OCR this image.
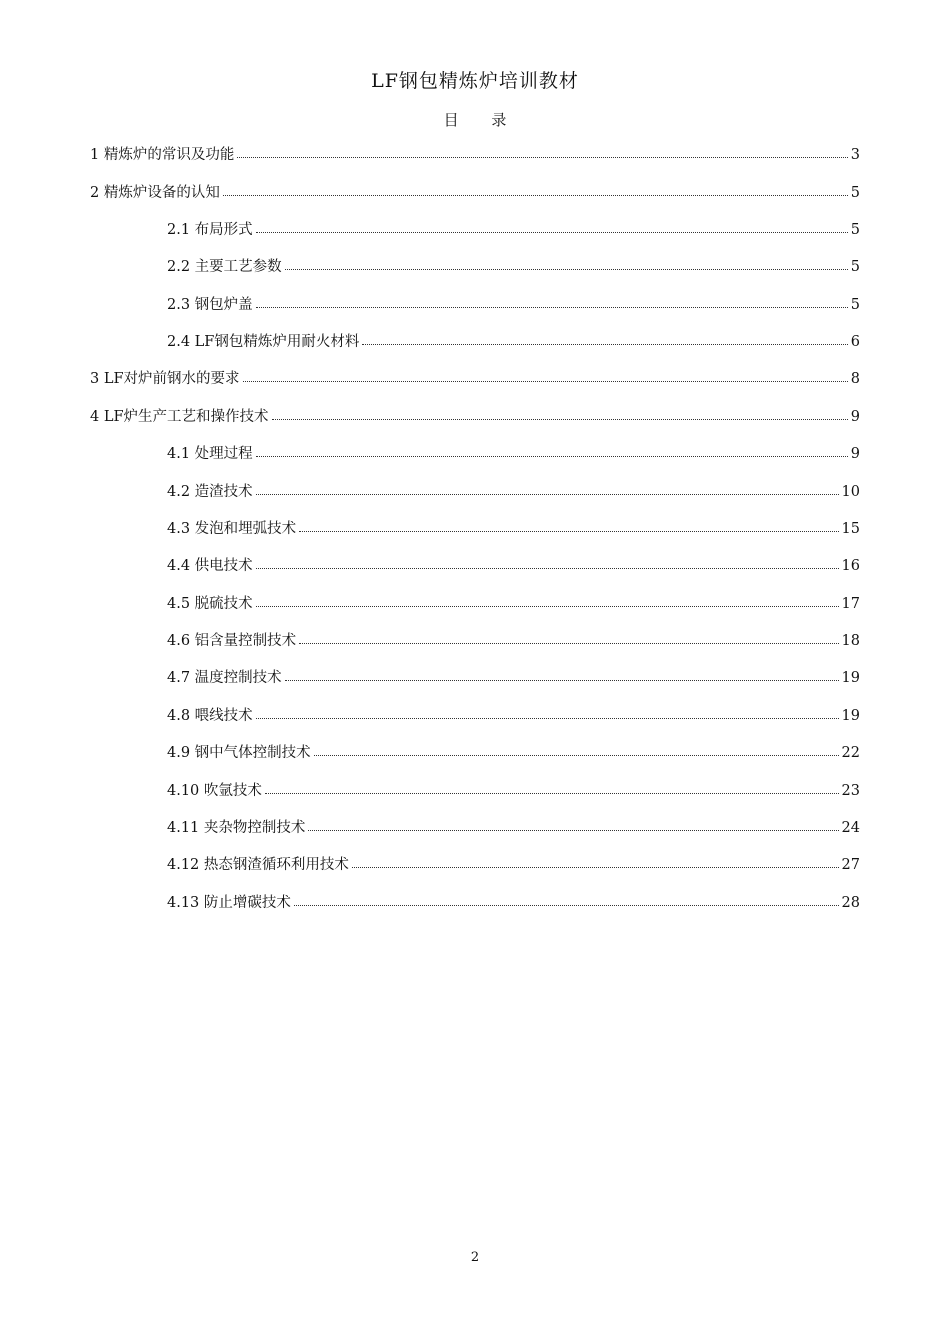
LF钢包精炼炉培训教材
目 录
1 精炼炉的常识及功能	3
2 精炼炉设备的认知	5
2.1 布局形式	5
2.2 主要工艺参数	5
2.3 钢包炉盖	5
2.4 LF钢包精炼炉用耐火材料	6
3 LF对炉前钢水的要求	8
4 LF炉生产工艺和操作技术	9
4.1 处理过程	9
4.2 造渣技术	10
4.3 发泡和埋弧技术	15
4.4 供电技术	16
4.5 脱硫技术	17
4.6 铝含量控制技术	18
4.7 温度控制技术	19
4.8 喂线技术	19
4.9 钢中气体控制技术	22
4.10 吹氩技术	23
4.11 夹杂物控制技术	24
4.12 热态钢渣循环利用技术	27
4.13 防止增碳技术	28
2
